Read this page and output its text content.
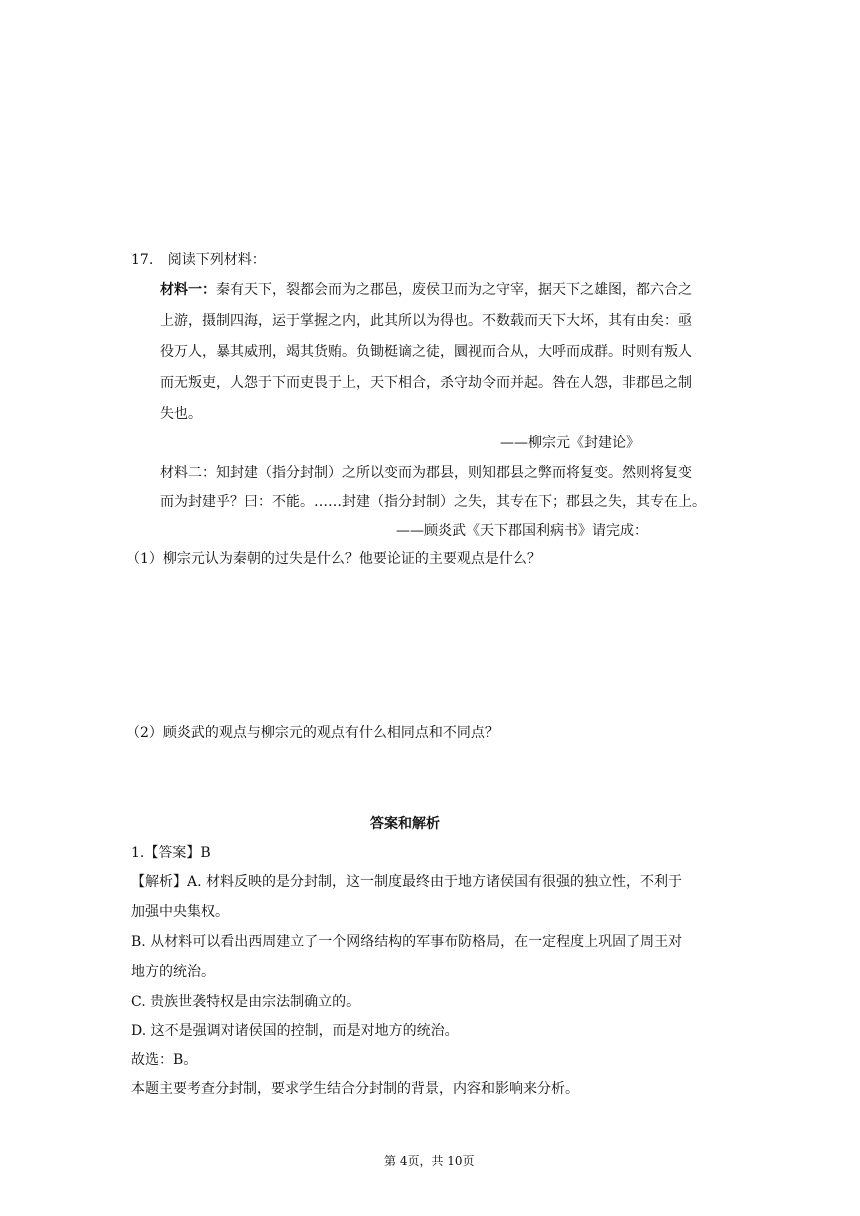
17. 阅读下列材料：
材料一：秦有天下，裂都会而为之郡邑，废侯卫而为之守宰，据天下之雄图，都六合之
上游，摄制四海，运于掌握之内，此其所以为得也。不数载而天下大坏，其有由矣：亟
役万人，暴其威刑，竭其货贿。负锄梃谪之徒，圜视而合从，大呼而成群。时则有叛人
而无叛吏，人怨于下而吏畏于上，天下相合，杀守劫令而并起。咎在人怨，非郡邑之制
失也。
——柳宗元《封建论》
材料二：知封建（指分封制）之所以变而为郡县，则知郡县之弊而将复变。然则将复变
而为封建乎？曰：不能。……封建（指分封制）之失，其专在下；郡县之失，其专在上。
——顾炎武《天下郡国利病书》请完成：
（1）柳宗元认为秦朝的过失是什么？他要论证的主要观点是什么？
（2）顾炎武的观点与柳宗元的观点有什么相同点和不同点？
答案和解析
1.【答案】B
【解析】A. 材料反映的是分封制，这一制度最终由于地方诸侯国有很强的独立性，不利于
加强中央集权。
B. 从材料可以看出西周建立了一个网络结构的军事布防格局，在一定程度上巩固了周王对
地方的统治。
C. 贵族世袭特权是由宗法制确立的。
D. 这不是强调对诸侯国的控制，而是对地方的统治。
故选：B。
本题主要考查分封制，要求学生结合分封制的背景，内容和影响来分析。
第 4页，共 10页
